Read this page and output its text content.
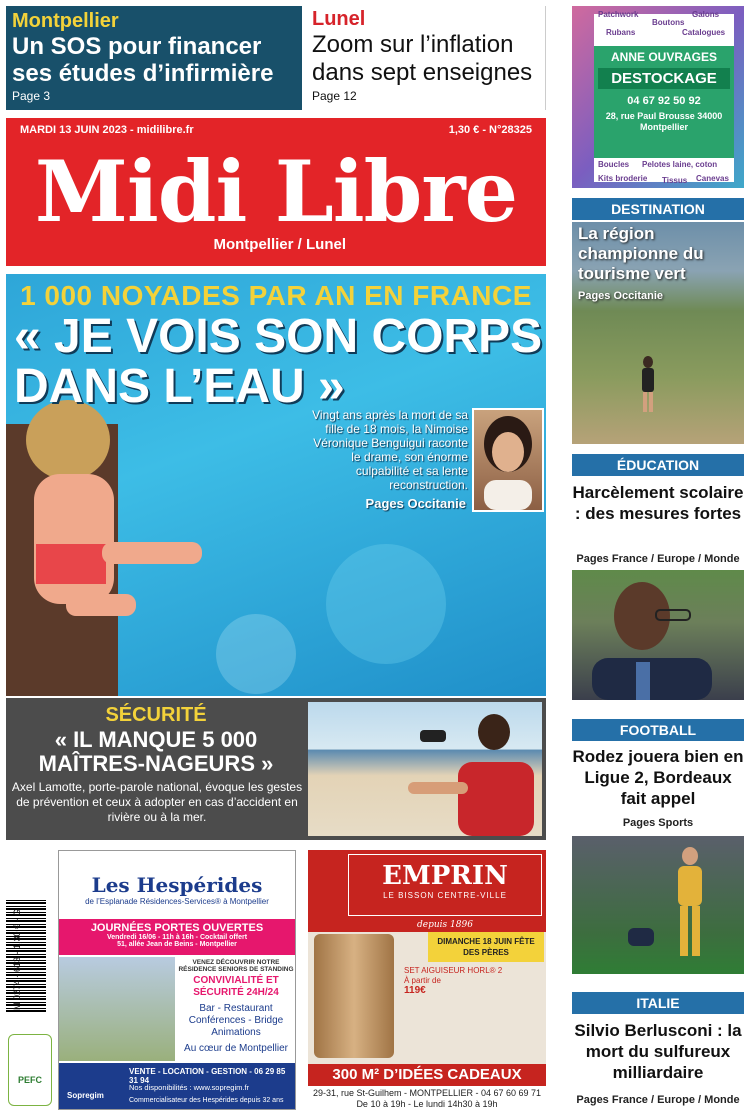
Montpellier
Un SOS pour financer ses études d’infirmière
Page 3
Lunel
Zoom sur l’inflation dans sept enseignes
Page 12
MARDI 13 JUIN 2023 - midilibre.fr	1,30 € - N°28325
Midi Libre
Montpellier / Lunel
1 000 NOYADES PAR AN EN FRANCE
« JE VOIS SON CORPS DANS L’EAU »
Vingt ans après la mort de sa fille de 18 mois, la Nimoise Véronique Benguigui raconte le drame, son énorme culpabilité et sa lente reconstruction.
Pages Occitanie
SÉCURITÉ
« IL MANQUE 5 000 MAÎTRES-NAGEURS »
Axel Lamotte, porte-parole national, évoque les gestes de prévention et ceux à adopter en cas d’accident en rivière ou à la mer.
M 0274 - 613 - 1,30 € - G
PEFC
Les Hespérides
de l’Esplanade Résidences-Services® à Montpellier
JOURNÉES PORTES OUVERTES
Vendredi 16/06 - 11h à 16h - Cocktail offert
51, allée Jean de Beins - Montpellier
VENEZ DÉCOUVRIR NOTRE RÉSIDENCE SENIORS DE STANDING
CONVIVIALITÉ ET SÉCURITÉ 24H/24
Bar - Restaurant Conférences - Bridge Animations
Au cœur de Montpellier
Sopregim
VENTE - LOCATION - GESTION - 06 29 85 31 94
Nos disponibilités : www.sopregim.fr
Commercialisateur des Hespérides depuis 32 ans
EMPRIN
LE BISSON CENTRE-VILLE
depuis 1896
DIMANCHE 18 JUIN FÊTE DES PÈRES
SET AIGUISEUR HORL® 2
À partir de
119€
300 M² D’IDÉES CADEAUX
29-31, rue St-Guilhem - MONTPELLIER - 04 67 60 69 71
De 10 à 19h - Le lundi 14h30 à 19h
Patchwork
Boutons
Galons
Rubans	Catalogues
ANNE OUVRAGES
DESTOCKAGE
04 67 92 50 92
28, rue Paul Brousse 34000 Montpellier
Boucles Pelotes laine, coton
Kits broderie Tissus Canevas
DESTINATION
La région championne du tourisme vert
Pages Occitanie
ÉDUCATION
Harcèlement scolaire : des mesures fortes
Pages France / Europe / Monde
FOOTBALL
Rodez jouera bien en Ligue 2, Bordeaux fait appel
Pages Sports
ITALIE
Silvio Berlusconi : la mort du sulfureux milliardaire
Pages France / Europe / Monde
